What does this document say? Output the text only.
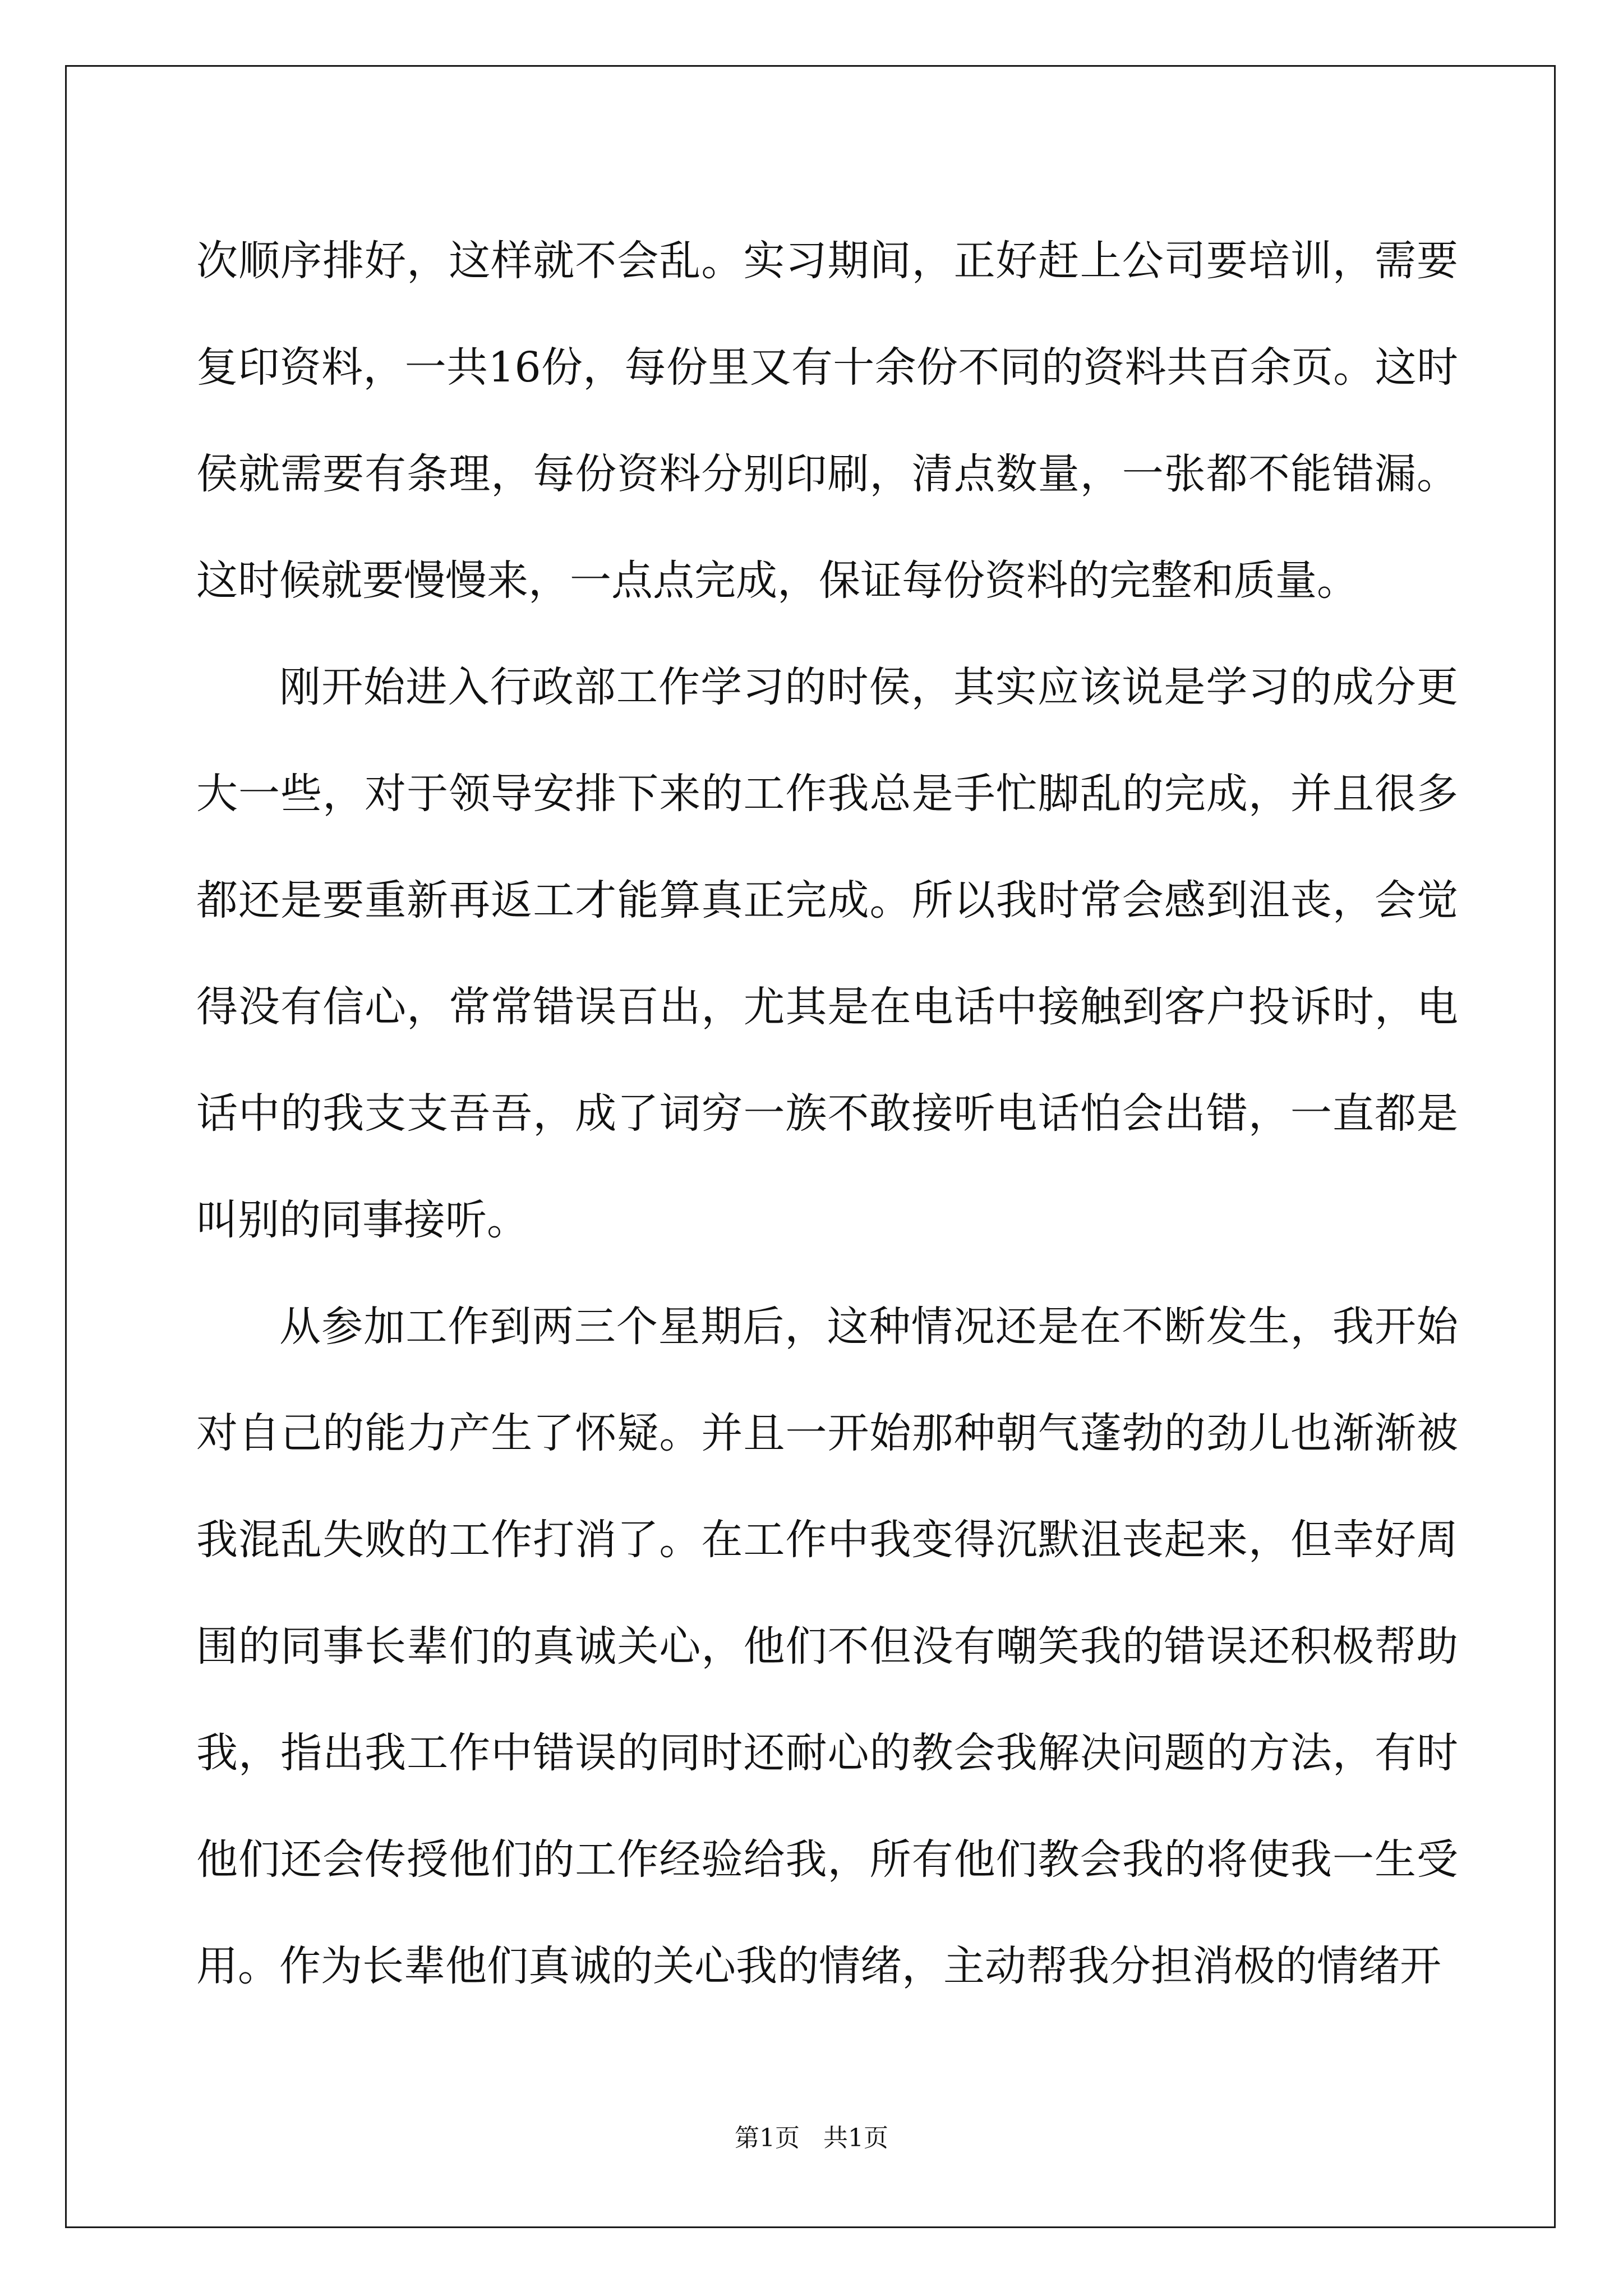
次顺序排好，这样就不会乱。实习期间，正好赶上公司要培训，需要复印资料，一共16份，每份里又有十余份不同的资料共百余页。这时侯就需要有条理，每份资料分别印刷，清点数量，一张都不能错漏。这时候就要慢慢来，一点点完成，保证每份资料的完整和质量。

刚开始进入行政部工作学习的时侯，其实应该说是学习的成分更大一些，对于领导安排下来的工作我总是手忙脚乱的完成，并且很多都还是要重新再返工才能算真正完成。所以我时常会感到沮丧，会觉得没有信心，常常错误百出，尤其是在电话中接触到客户投诉时，电话中的我支支吾吾，成了词穷一族不敢接听电话怕会出错，一直都是叫别的同事接听。

从参加工作到两三个星期后，这种情况还是在不断发生，我开始对自己的能力产生了怀疑。并且一开始那种朝气蓬勃的劲儿也渐渐被我混乱失败的工作打消了。在工作中我变得沉默沮丧起来，但幸好周围的同事长辈们的真诚关心，他们不但没有嘲笑我的错误还积极帮助我，指出我工作中错误的同时还耐心的教会我解决问题的方法，有时他们还会传授他们的工作经验给我，所有他们教会我的将使我一生受用。作为长辈他们真诚的关心我的情绪，主动帮我分担消极的情绪开

第1页   共1页
